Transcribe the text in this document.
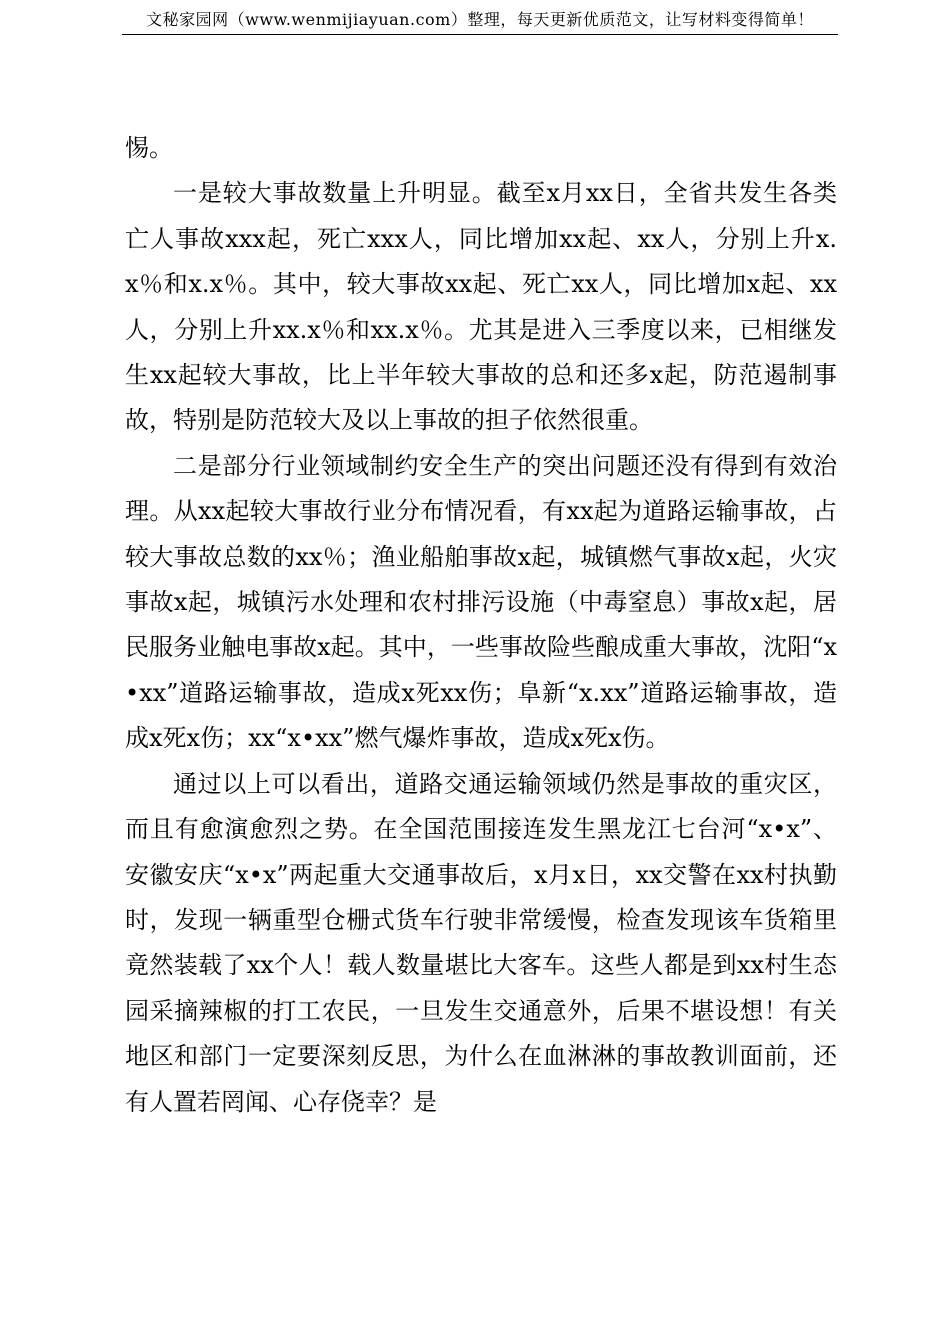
文秘家园网（www.wenmijiayuan.com）整理，每天更新优质范文，让写材料变得简单！

惕。

一是较大事故数量上升明显。截至x月xx日，全省共发生各类亡人事故xxx起，死亡xxx人，同比增加xx起、xx人，分别上升x.x％和x.x％。其中，较大事故xx起、死亡xx人，同比增加x起、xx人，分别上升xx.x％和xx.x％。尤其是进入三季度以来，已相继发生xx起较大事故，比上半年较大事故的总和还多x起，防范遏制事故，特别是防范较大及以上事故的担子依然很重。

二是部分行业领域制约安全生产的突出问题还没有得到有效治理。从xx起较大事故行业分布情况看，有xx起为道路运输事故，占较大事故总数的xx％；渔业船舶事故x起，城镇燃气事故x起，火灾事故x起，城镇污水处理和农村排污设施（中毒窒息）事故x起，居民服务业触电事故x起。其中，一些事故险些酿成重大事故，沈阳“x•xx”道路运输事故，造成x死xx伤；阜新“x.xx”道路运输事故，造成x死x伤；xx“x•xx”燃气爆炸事故，造成x死x伤。

通过以上可以看出，道路交通运输领域仍然是事故的重灾区，而且有愈演愈烈之势。在全国范围接连发生黑龙江七台河“x•x”、安徽安庆“x•x”两起重大交通事故后，x月x日，xx交警在xx村执勤时，发现一辆重型仓栅式货车行驶非常缓慢，检查发现该车货箱里竟然装载了xx个人！载人数量堪比大客车。这些人都是到xx村生态园采摘辣椒的打工农民，一旦发生交通意外，后果不堪设想！有关地区和部门一定要深刻反思，为什么在血淋淋的事故教训面前，还有人置若罔闻、心存侥幸？是
